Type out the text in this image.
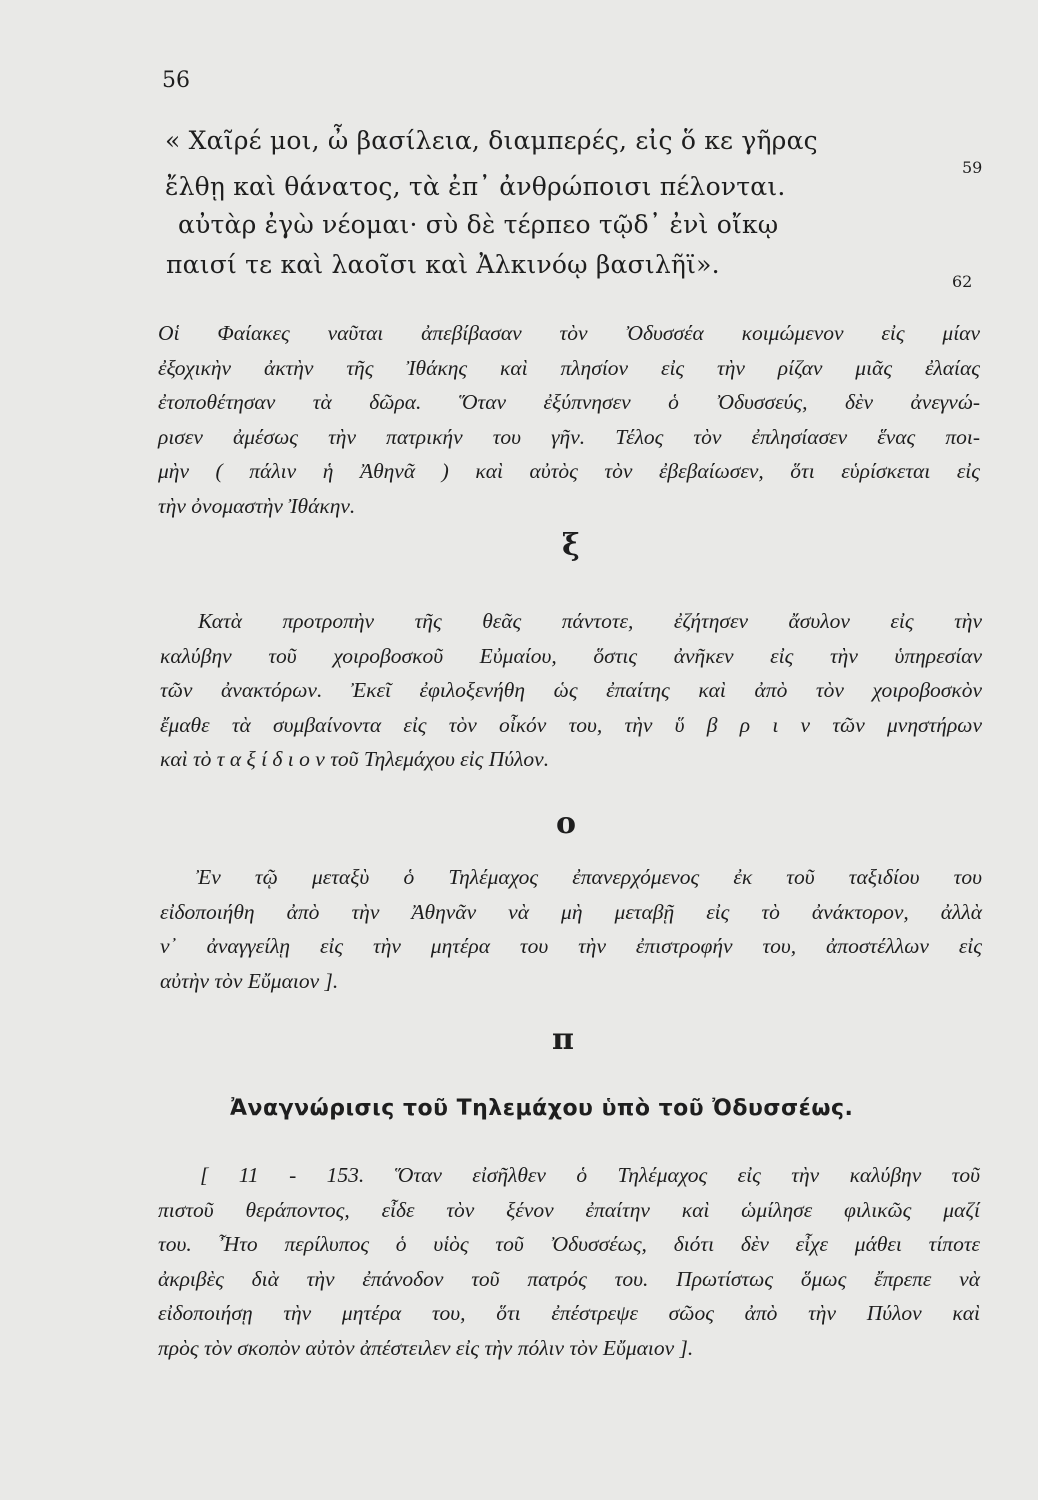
56
« Χαῖρέ μοι, ὦ βασίλεια, διαμπερές, εἰς ὅ κε γῆρας
59
ἔλθῃ καὶ θάνατος, τὰ ἐπ᾿ ἀνθρώποισι πέλονται.
αὐτὰρ ἐγὼ νέομαι· σὺ δὲ τέρπεο τῷδ᾿ ἐνὶ οἴκῳ
παισί τε καὶ λαοῖσι καὶ Ἀλκινόῳ βασιλῆϊ».
62
Οἱ Φαίακες ναῦται ἀπεβίβασαν τὸν Ὀδυσσέα κοιμώμενον εἰς μίαν
ἐξοχικὴν ἀκτὴν τῆς Ἰθάκης καὶ πλησίον εἰς τὴν ρίζαν μιᾶς ἐλαίας
ἐτοποθέτησαν τὰ δῶρα. Ὅταν ἐξύπνησεν ὁ Ὀδυσσεύς, δὲν ἀνεγνώ-
ρισεν ἀμέσως τὴν πατρικήν του γῆν. Τέλος τὸν ἐπλησίασεν ἕνας ποι-
μὴν ( πάλιν ἡ Ἀθηνᾶ ) καὶ αὐτὸς τὸν ἐβεβαίωσεν, ὅτι εὑρίσκεται εἰς
τὴν ὀνομαστὴν Ἰθάκην.
ξ
Κατὰ προτροπὴν τῆς θεᾶς πάντοτε, ἐζήτησεν ἄσυλον εἰς τὴν
καλύβην τοῦ χοιροβοσκοῦ Εὐμαίου, ὅστις ἀνῆκεν εἰς τὴν ὑπηρεσίαν
τῶν ἀνακτόρων. Ἐκεῖ ἐφιλοξενήθη ὡς ἐπαίτης καὶ ἀπὸ τὸν χοιροβοσκὸν
ἔμαθε τὰ συμβαίνοντα εἰς τὸν οἶκόν του, τὴν ὕ β ρ ι ν τῶν μνηστήρων
καὶ τὸ τ α ξ ί δ ι ο ν τοῦ Τηλεμάχου εἰς Πύλον.
ο
Ἐν τῷ μεταξὺ ὁ Τηλέμαχος ἐπανερχόμενος ἐκ τοῦ ταξιδίου του
εἰδοποιήθη ἀπὸ τὴν Ἀθηνᾶν νὰ μὴ μεταβῇ εἰς τὸ ἀνάκτορον, ἀλλὰ
ν᾿ ἀναγγείλῃ εἰς τὴν μητέρα του τὴν ἐπιστροφήν του, ἀποστέλλων εἰς
αὐτὴν τὸν Εὔμαιον ].
π
Ἀναγνώρισις τοῦ Τηλεμάχου ὑπὸ τοῦ Ὀδυσσέως.
[ 11 - 153. Ὅταν εἰσῆλθεν ὁ Τηλέμαχος εἰς τὴν καλύβην τοῦ
πιστοῦ θεράποντος, εἶδε τὸν ξένον ἐπαίτην καὶ ὡμίλησε φιλικῶς μαζί
του. Ἦτο περίλυπος ὁ υἱὸς τοῦ Ὀδυσσέως, διότι δὲν εἶχε μάθει τίποτε
ἀκριβὲς διὰ τὴν ἐπάνοδον τοῦ πατρός του. Πρωτίστως ὅμως ἔπρεπε νὰ
εἰδοποιήσῃ τὴν μητέρα του, ὅτι ἐπέστρεψε σῶος ἀπὸ τὴν Πύλον καὶ
πρὸς τὸν σκοπὸν αὐτὸν ἀπέστειλεν εἰς τὴν πόλιν τὸν Εὔμαιον ].
